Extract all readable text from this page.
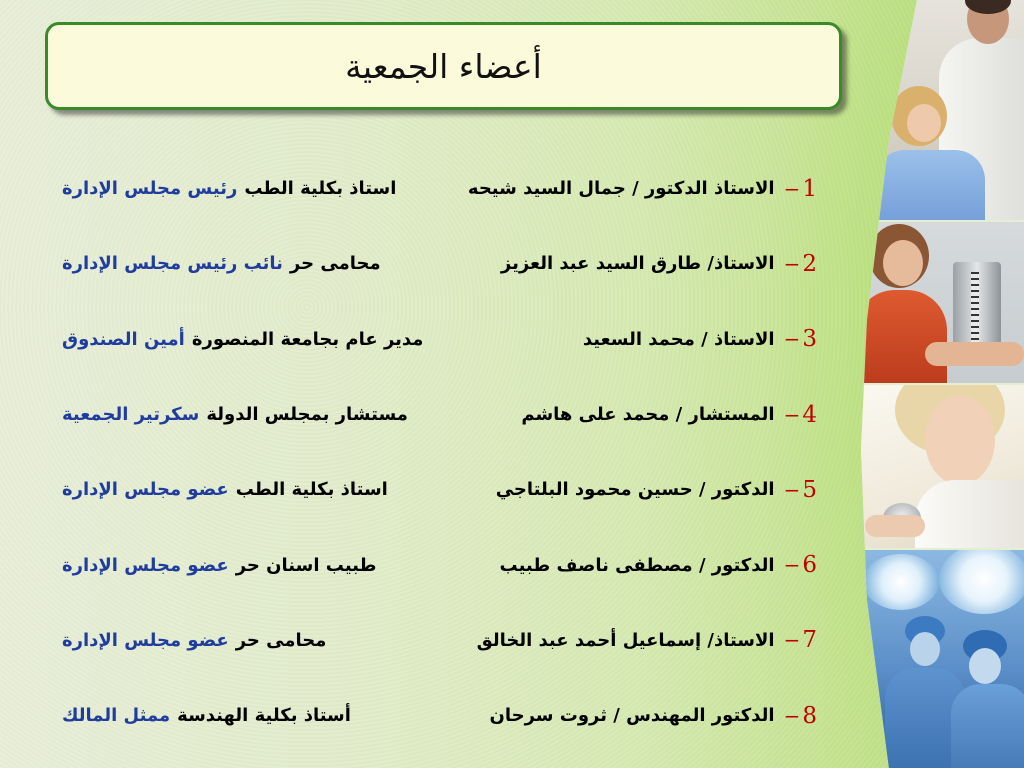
أعضاء الجمعية
− 1
الاستاذ الدكتور / جمال السيد شيحه
استاذ بكلية الطب
رئيس مجلس الإدارة
− 2
الاستاذ/ طارق السيد عبد العزيز
محامى حر
نائب رئيس مجلس الإدارة
− 3
الاستاذ / محمد السعيد
مدير عام بجامعة المنصورة
أمين الصندوق
− 4
المستشار / محمد على هاشم
مستشار بمجلس الدولة
سكرتير الجمعية
− 5
الدكتور / حسين محمود البلتاجي
استاذ بكلية الطب
عضو مجلس الإدارة
− 6
الدكتور / مصطفى ناصف طبيب
طبيب اسنان حر
عضو مجلس الإدارة
− 7
الاستاذ/ إسماعيل أحمد عبد الخالق
محامى حر
عضو مجلس الإدارة
− 8
الدكتور المهندس / ثروت سرحان
أستاذ بكلية الهندسة
ممثل المالك
